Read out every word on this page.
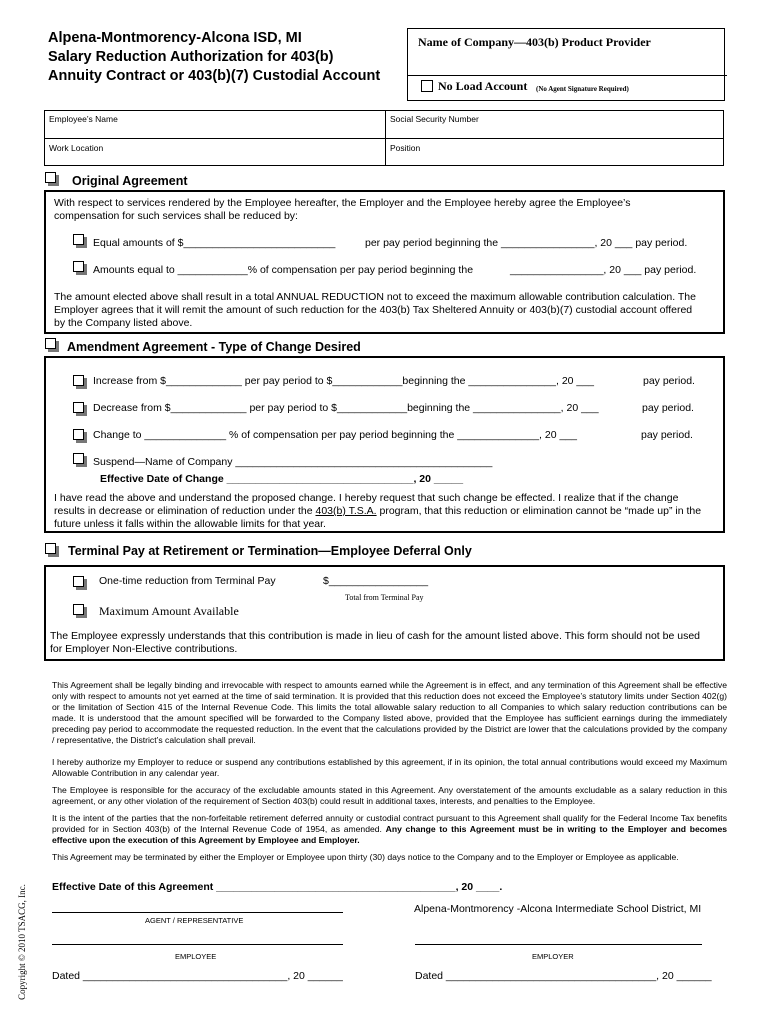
Alpena-Montmorency-Alcona ISD, MI
Salary Reduction Authorization for 403(b)
Annuity Contract or 403(b)(7) Custodial Account
Name of Company—403(b) Product Provider
No Load Account (No Agent Signature Required)
Employee’s Name	Social Security Number
Work Location	Position
Original Agreement
With respect to services rendered by the Employee hereafter, the Employer and the Employee hereby agree the Employee’s
compensation for such services shall be reduced by:
Equal amounts of $__________________________	per pay period beginning the ________________, 20 ___ pay period.
Amounts equal to ____________% of compensation per pay period beginning the	________________, 20 ___ pay period.
The amount elected above shall result in a total ANNUAL REDUCTION not to exceed the maximum allowable contribution calculation. The
Employer agrees that it will remit the amount of such reduction for the 403(b) Tax Sheltered Annuity or 403(b)(7) custodial account offered
by the Company listed above.
Amendment Agreement - Type of Change Desired
Increase from $_____________ per pay period to $____________beginning the _______________, 20 ___	pay period.
Decrease from $_____________ per pay period to $____________beginning the _______________, 20 ___	pay period.
Change to ______________ % of compensation per pay period beginning the ______________, 20 ___	pay period.
Suspend—Name of Company ____________________________________________
Effective Date of Change ________________________________, 20 _____
I have read the above and understand the proposed change. I hereby request that such change be effected. I realize that if the change
results in decrease or elimination of reduction under the 403(b) T.S.A. program, that this reduction or elimination cannot be “made up” in the
future unless it falls within the allowable limits for that year.
Terminal Pay at Retirement or Termination—Employee Deferral Only
One-time reduction from Terminal Pay	$_________________
Total from Terminal Pay
Maximum Amount Available
The Employee expressly understands that this contribution is made in lieu of cash for the amount listed above. This form should not be used
for Employer Non-Elective contributions.
This Agreement shall be legally binding and irrevocable with respect to amounts earned while the Agreement is in effect, and any termination of this Agreement shall be effective only with respect to amounts not yet earned at the time of said termination. It is provided that this reduction does not exceed the Employee’s statutory limits under Section 402(g) or the limitation of Section 415 of the Internal Revenue Code. This limits the total allowable salary reduction to all Companies to which salary reduction contributions can be made. It is understood that the amount specified will be forwarded to the Company listed above, provided that the Employee has sufficient earnings during the immediately preceding pay period to accommodate the requested reduction. In the event that the calculations provided by the District are lower that the calculations provided by the company / representative, the District’s calculation shall prevail.
I hereby authorize my Employer to reduce or suspend any contributions established by this agreement, if in its opinion, the total annual contributions would exceed my Maximum Allowable Contribution in any calendar year.
The Employee is responsible for the accuracy of the excludable amounts stated in this Agreement. Any overstatement of the amounts excludable as a salary reduction in this agreement, or any other violation of the requirement of Section 403(b) could result in additional taxes, interests, and penalties to the Employee.
It is the intent of the parties that the non-forfeitable retirement deferred annuity or custodial contract pursuant to this Agreement shall qualify for the Federal Income Tax benefits provided for in Section 403(b) of the Internal Revenue Code of 1954, as amended. Any change to this Agreement must be in writing to the Employer and becomes effective upon the execution of this Agreement by Employee and Employer.
This Agreement may be terminated by either the Employer or Employee upon thirty (30) days notice to the Company and to the Employer or Employee as applicable.
Effective Date of this Agreement _________________________________________, 20 ____.
Alpena-Montmorency -Alcona Intermediate School District, MI
AGENT / REPRESENTATIVE
EMPLOYEE	EMPLOYER
Dated ___________________________________, 20 ______	Dated ____________________________________, 20 ______
Copyright © 2010 TSACG, Inc.
